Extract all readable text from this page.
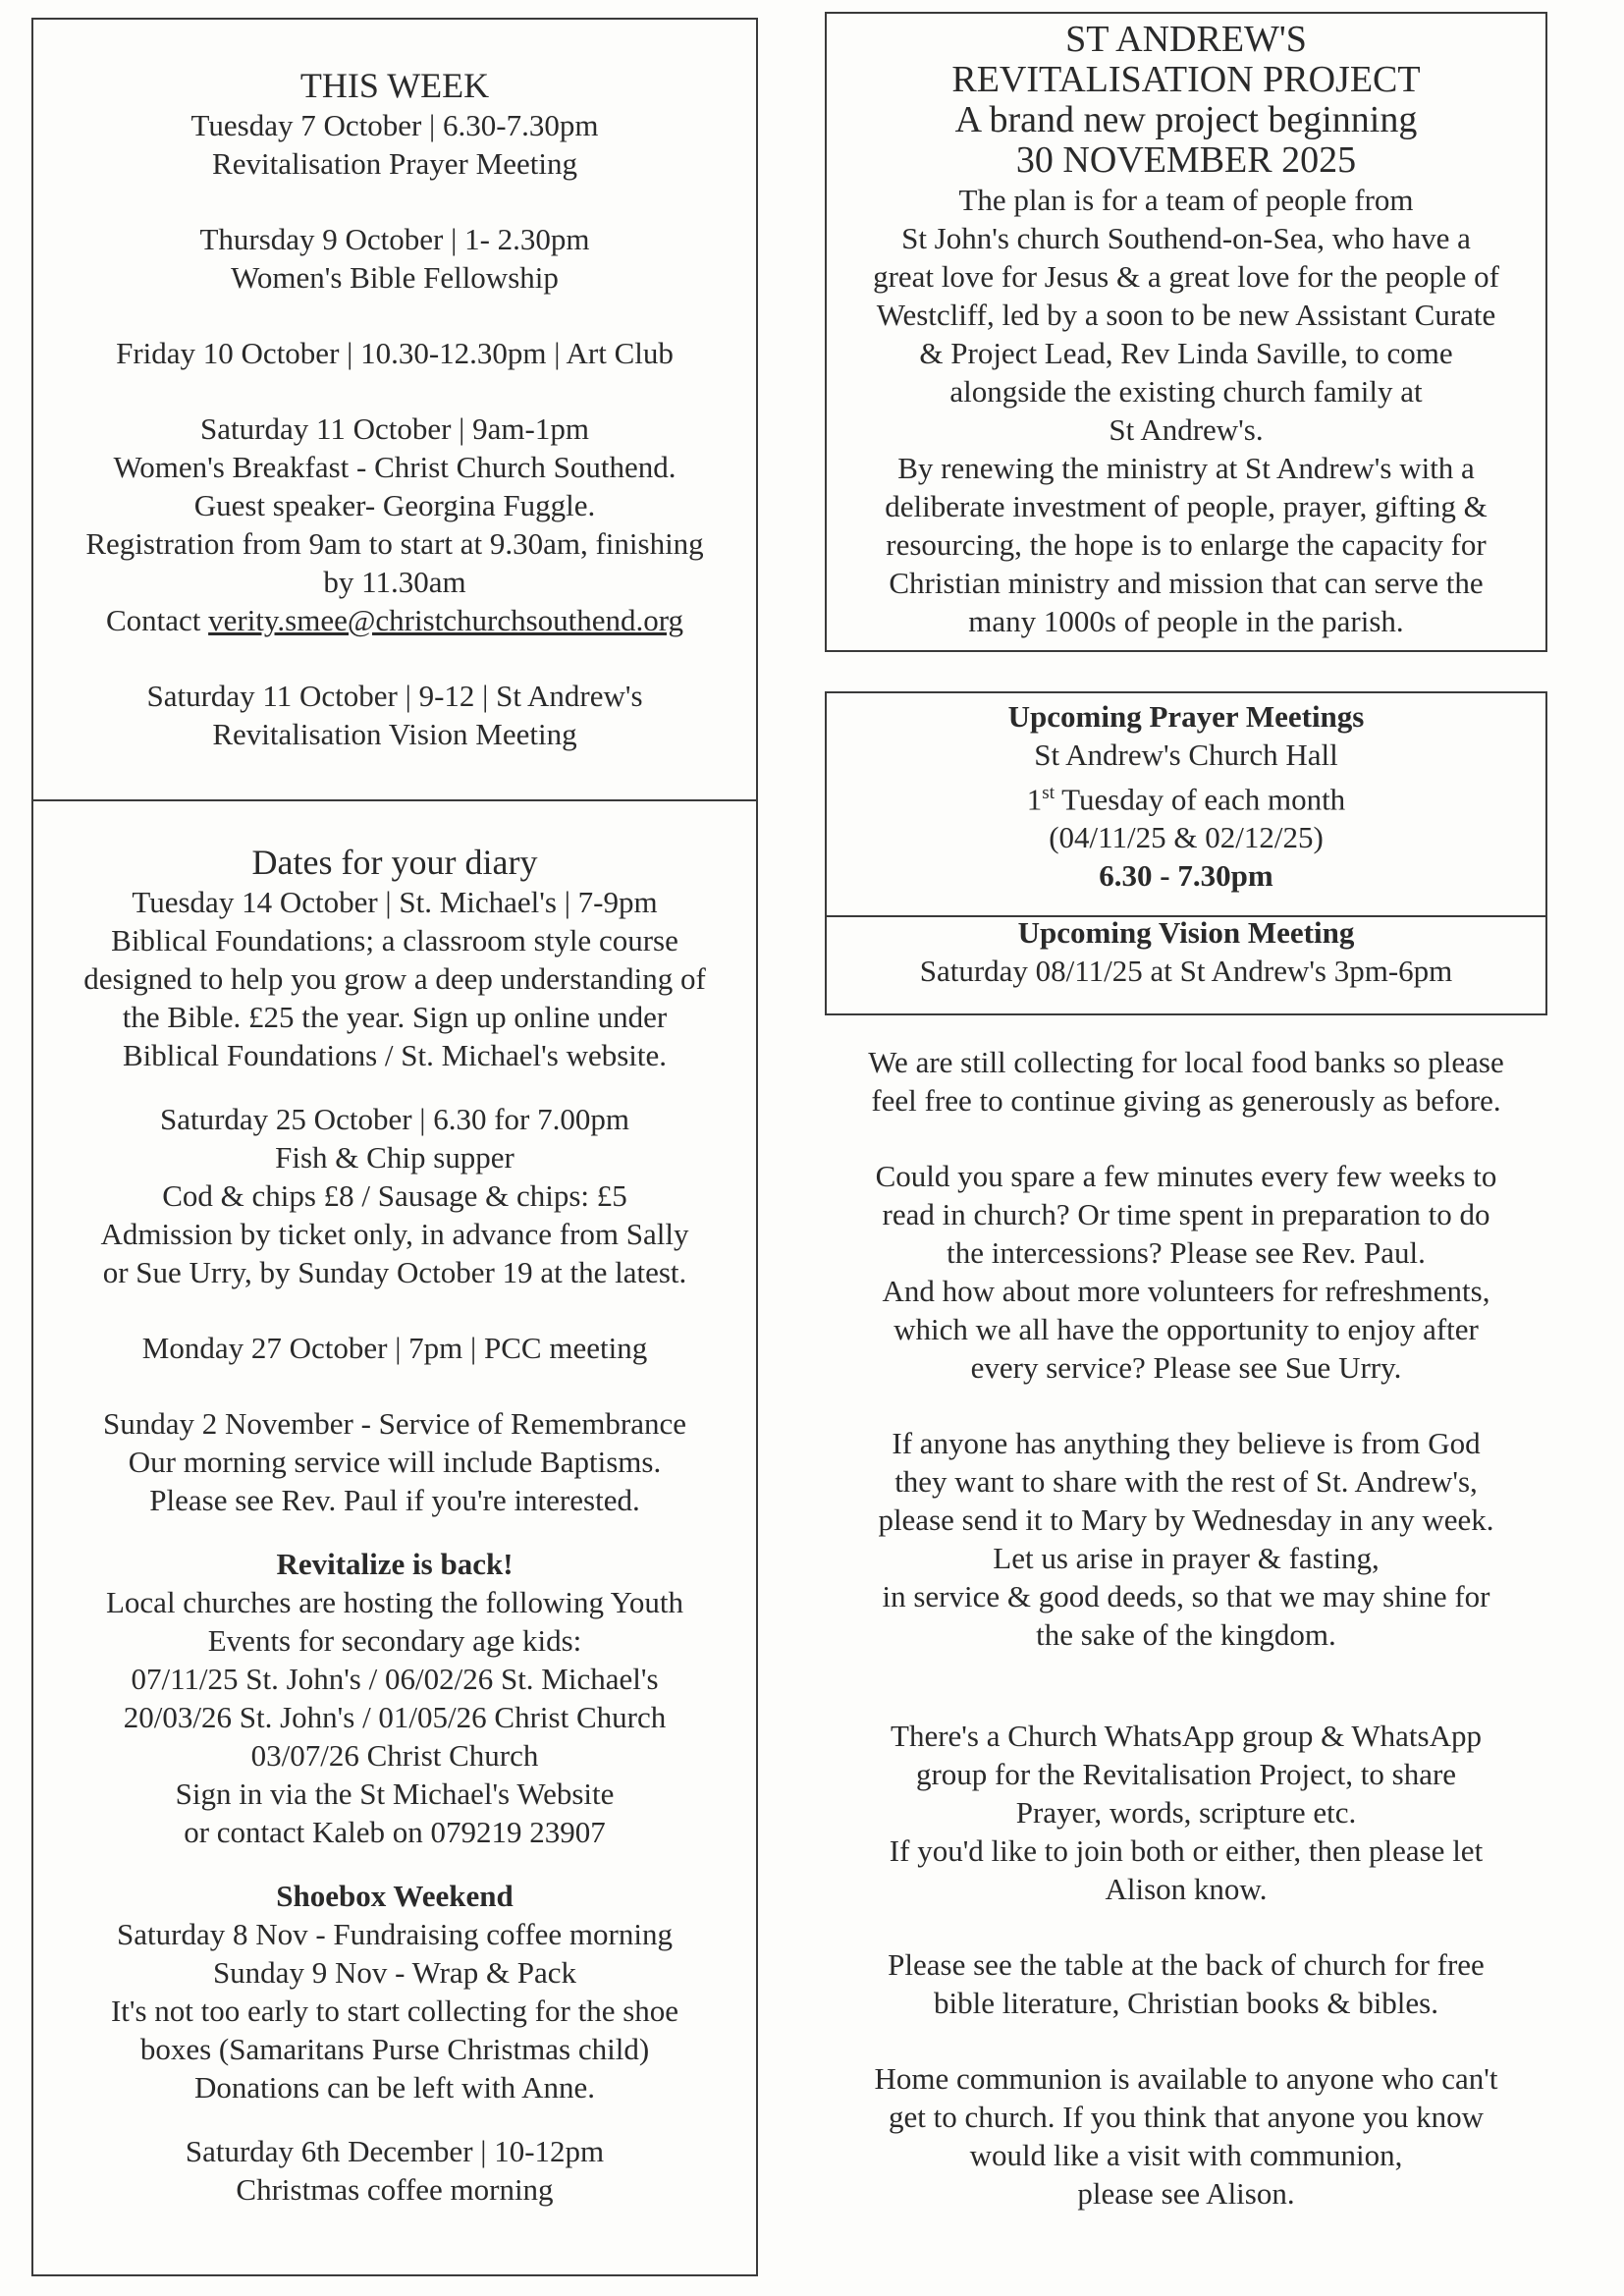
THIS WEEK
Tuesday 7 October | 6.30-7.30pm
Revitalisation Prayer Meeting
Thursday 9 October | 1- 2.30pm
Women's Bible Fellowship
Friday 10 October | 10.30-12.30pm | Art Club
Saturday 11 October | 9am-1pm
Women's Breakfast - Christ Church Southend.
Guest speaker- Georgina Fuggle.
Registration from 9am to start at 9.30am, finishing
by 11.30am
Contact verity.smee@christchurchsouthend.org
Saturday 11 October | 9-12 | St Andrew's
Revitalisation Vision Meeting
Dates for your diary
Tuesday 14 October | St. Michael's | 7-9pm
Biblical Foundations; a classroom style course
designed to help you grow a deep understanding of
the Bible. £25 the year. Sign up online under
Biblical Foundations / St. Michael's website.
Saturday 25 October | 6.30 for 7.00pm
Fish & Chip supper
Cod & chips £8 / Sausage & chips: £5
Admission by ticket only, in advance from Sally
or Sue Urry, by Sunday October 19 at the latest.
Monday 27 October | 7pm | PCC meeting
Sunday 2 November - Service of Remembrance
Our morning service will include Baptisms.
Please see Rev. Paul if you're interested.
Revitalize is back!
Local churches are hosting the following Youth
Events for secondary age kids:
07/11/25 St. John's / 06/02/26 St. Michael's
20/03/26 St. John's / 01/05/26 Christ Church
03/07/26 Christ Church
Sign in via the St Michael's Website
or contact Kaleb on 079219 23907
Shoebox Weekend
Saturday 8 Nov - Fundraising coffee morning
Sunday 9 Nov - Wrap & Pack
It's not too early to start collecting for the shoe
boxes (Samaritans Purse Christmas child)
Donations can be left with Anne.
Saturday 6th December | 10-12pm
Christmas coffee morning
ST ANDREW'S
REVITALISATION PROJECT
A brand new project beginning
30 NOVEMBER 2025
The plan is for a team of people from
St John's church Southend-on-Sea, who have a
great love for Jesus & a great love for the people of
Westcliff, led by a soon to be new Assistant Curate
& Project Lead, Rev Linda Saville, to come
alongside the existing church family at
St Andrew's.
By renewing the ministry at St Andrew's with a
deliberate investment of people, prayer, gifting &
resourcing, the hope is to enlarge the capacity for
Christian ministry and mission that can serve the
many 1000s of people in the parish.
Upcoming Prayer Meetings
St Andrew's Church Hall
1st Tuesday of each month
(04/11/25 & 02/12/25)
6.30 - 7.30pm
Upcoming Vision Meeting
Saturday 08/11/25 at St Andrew's 3pm-6pm
We are still collecting for local food banks so please
feel free to continue giving as generously as before.
Could you spare a few minutes every few weeks to
read in church? Or time spent in preparation to do
the intercessions? Please see Rev. Paul.
And how about more volunteers for refreshments,
which we all have the opportunity to enjoy after
every service? Please see Sue Urry.
If anyone has anything they believe is from God
they want to share with the rest of St. Andrew's,
please send it to Mary by Wednesday in any week.
Let us arise in prayer & fasting,
in service & good deeds, so that we may shine for
the sake of the kingdom.
There's a Church WhatsApp group & WhatsApp
group for the Revitalisation Project, to share
Prayer, words, scripture etc.
If you'd like to join both or either, then please let
Alison know.
Please see the table at the back of church for free
bible literature, Christian books & bibles.
Home communion is available to anyone who can't
get to church. If you think that anyone you know
would like a visit with communion,
please see Alison.
